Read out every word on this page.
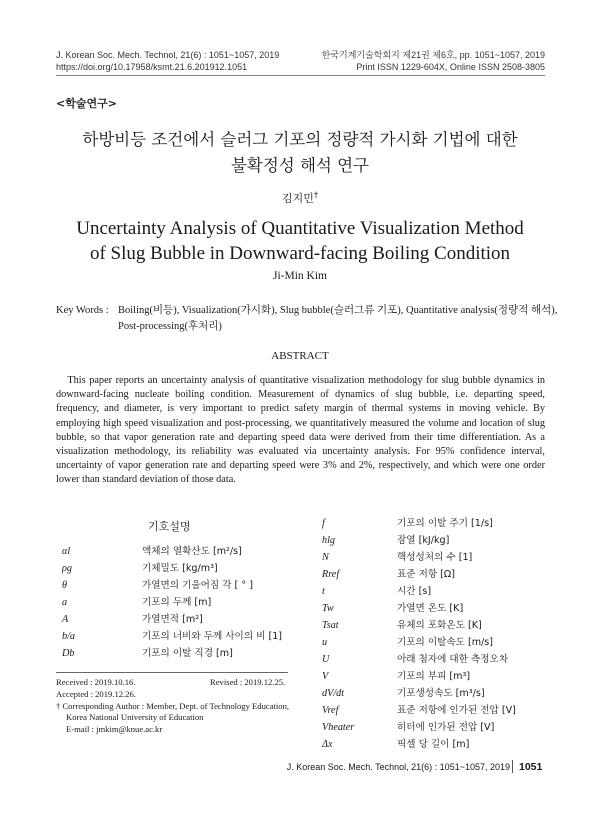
J. Korean Soc. Mech. Technol, 21(6) : 1051~1057, 2019
https://doi.org/10.17958/ksmt.21.6.201912.1051
한국기계기술학회지 제21권 제6호, pp. 1051~1057, 2019
Print ISSN 1229-604X, Online ISSN 2508-3805
<학술연구>
하방비등 조건에서 슬러그 기포의 정량적 가시화 기법에 대한
불확정성 해석 연구
김지민†
Uncertainty Analysis of Quantitative Visualization Method
of Slug Bubble in Downward-facing Boiling Condition
Ji-Min Kim
Key Words : Boiling(비등), Visualization(가시화), Slug bubble(슬러그류 기포), Quantitative analysis(정량적 해석),
Post-processing(후처리)
ABSTRACT
This paper reports an uncertainty analysis of quantitative visualization methodology for slug bubble dynamics in downward-facing nucleate boiling condition. Measurement of dynamics of slug bubble, i.e. departing speed, frequency, and diameter, is very important to predict safety margin of thermal systems in moving vehicle. By employing high speed visualization and post-processing, we quantitatively measured the volume and location of slug bubble, so that vapor generation rate and departing speed data were derived from their time differentiation. As a visualization methodology, its reliability was evaluated via uncertainty analysis. For 95% confidence interval, uncertainty of vapor generation rate and departing speed were 3% and 2%, respectively, and which were one order lower than standard deviation of those data.
기호설명
αl	액체의 열확산도 [m²/s]
ρg	기체밀도 [kg/m³]
θ	가열면의 기울어짐 각 [ ° ]
a	기포의 두께 [m]
A	가열면적 [m²]
b/a	기포의 너비와 두께 사이의 비 [1]
Db	기포의 이탈 직경 [m]
f	기포의 이탈 주기 [1/s]
hlg	잠열 [kJ/kg]
N	핵성성처의 수 [1]
Rref	표준 저항 [Ω]
t	시간 [s]
Tw	가열면 온도 [K]
Tsat	유체의 포화온도 [K]
u	기포의 이탈속도 [m/s]
U	아래 첨자에 대한 측정오차
V	기포의 부피 [m³]
dV/dt	기포생성속도 [m³/s]
Vref	표준 저항에 인가된 전압 [V]
Vheater	히터에 인가된 전압 [V]
Δx	픽셀 당 길이 [m]
Received : 2019.10.16.	Revised : 2019.12.25.
Accepted : 2019.12.26.
† Corresponding Author : Member, Dept. of Technology Education,
Korea National University of Education
E-mail : jmkim@knue.ac.kr
J. Korean Soc. Mech. Technol, 21(6) : 1051~1057, 2019 1051
